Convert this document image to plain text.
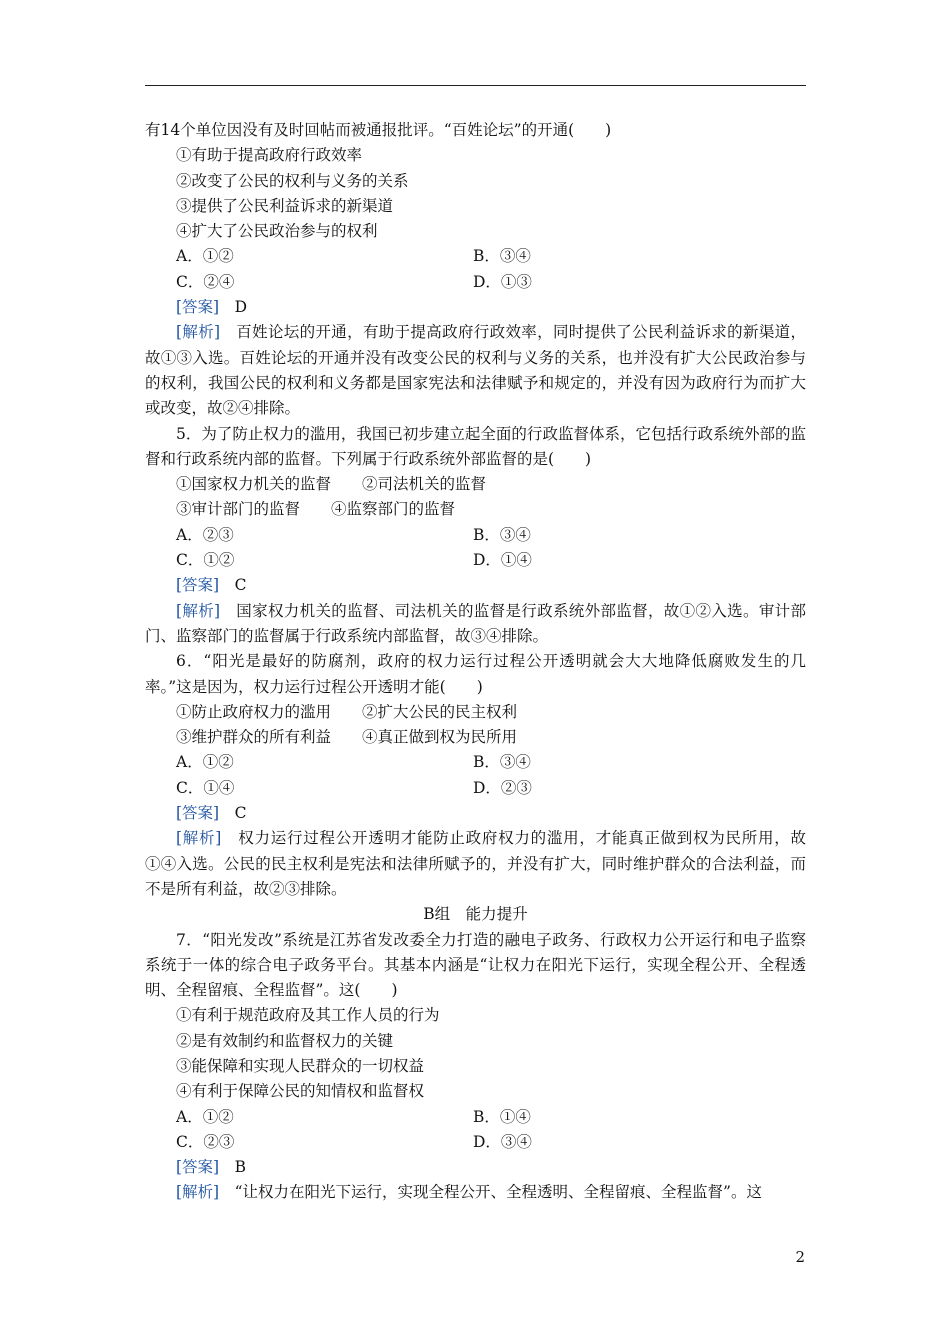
有14个单位因没有及时回帖而被通报批评。“百姓论坛”的开通(　　)
①有助于提高政府行政效率
②改变了公民的权利与义务的关系
③提供了公民利益诉求的新渠道
④扩大了公民政治参与的权利
A．①②	B．③④
C．②④	D．①③
[答案]　D
[解析]　百姓论坛的开通，有助于提高政府行政效率，同时提供了公民利益诉求的新渠道，故①③入选。百姓论坛的开通并没有改变公民的权利与义务的关系，也并没有扩大公民政治参与的权利，我国公民的权利和义务都是国家宪法和法律赋予和规定的，并没有因为政府行为而扩大或改变，故②④排除。
5．为了防止权力的滥用，我国已初步建立起全面的行政监督体系，它包括行政系统外部的监督和行政系统内部的监督。下列属于行政系统外部监督的是(　　)
①国家权力机关的监督　　②司法机关的监督
③审计部门的监督　　④监察部门的监督
A．②③	B．③④
C．①②	D．①④
[答案]　C
[解析]　国家权力机关的监督、司法机关的监督是行政系统外部监督，故①②入选。审计部门、监察部门的监督属于行政系统内部监督，故③④排除。
6．“阳光是最好的防腐剂，政府的权力运行过程公开透明就会大大地降低腐败发生的几率。”这是因为，权力运行过程公开透明才能(　　)
①防止政府权力的滥用　　②扩大公民的民主权利
③维护群众的所有利益　　④真正做到权为民所用
A．①②	B．③④
C．①④	D．②③
[答案]　C
[解析]　权力运行过程公开透明才能防止政府权力的滥用，才能真正做到权为民所用，故①④入选。公民的民主权利是宪法和法律所赋予的，并没有扩大，同时维护群众的合法利益，而不是所有利益，故②③排除。
B组　能力提升
7．“阳光发改”系统是江苏省发改委全力打造的融电子政务、行政权力公开运行和电子监察系统于一体的综合电子政务平台。其基本内涵是“让权力在阳光下运行，实现全程公开、全程透明、全程留痕、全程监督”。这(　　)
①有利于规范政府及其工作人员的行为
②是有效制约和监督权力的关键
③能保障和实现人民群众的一切权益
④有利于保障公民的知情权和监督权
A．①②	B．①④
C．②③	D．③④
[答案]　B
[解析]　“让权力在阳光下运行，实现全程公开、全程透明、全程留痕、全程监督”。这
2
